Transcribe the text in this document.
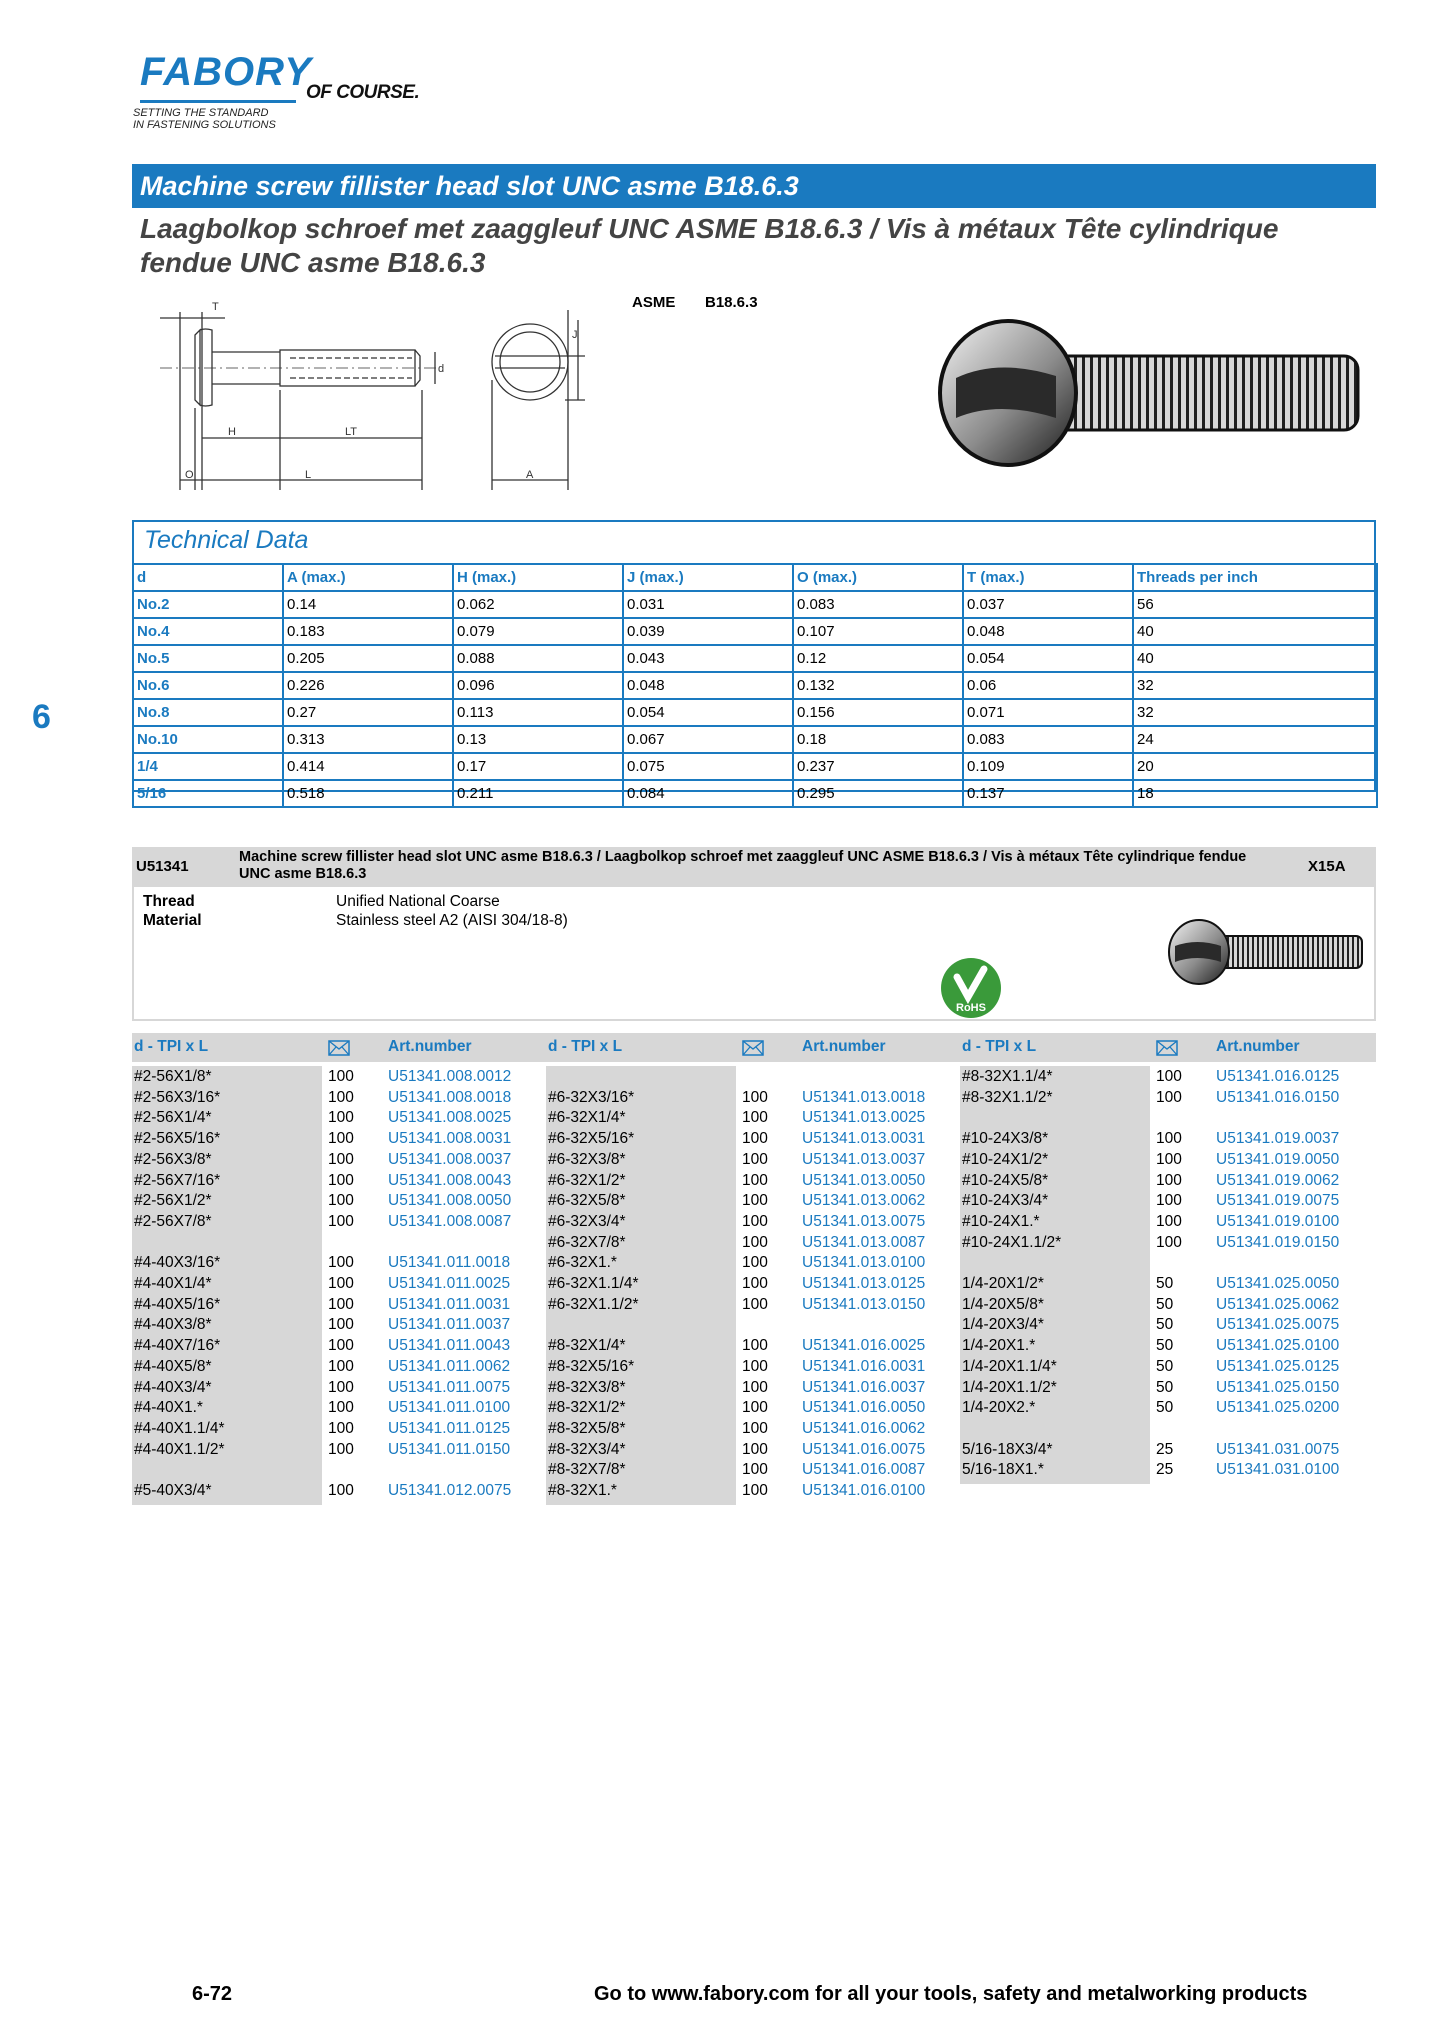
FABORY
OF COURSE.
SETTING THE STANDARD
IN FASTENING SOLUTIONS
Machine screw fillister head slot UNC asme B18.6.3
Laagbolkop schroef met zaaggleuf UNC ASME B18.6.3 / Vis à métaux Tête cylindrique fendue UNC asme B18.6.3
T
J
d
H	LT
O	L	A
ASME B18.6.3
Technical Data
d	A (max.)	H (max.)	J (max.)	O (max.)	T (max.)	Threads per inch
No.2	0.14	0.062	0.031	0.083	0.037	56
No.4	0.183	0.079	0.039	0.107	0.048	40
No.5	0.205	0.088	0.043	0.12	0.054	40
No.6	0.226	0.096	0.048	0.132	0.06	32
No.8	0.27	0.113	0.054	0.156	0.071	32
No.10	0.313	0.13	0.067	0.18	0.083	24
1/4	0.414	0.17	0.075	0.237	0.109	20
5/16	0.518	0.211	0.084	0.295	0.137	18
6
U51341
Machine screw fillister head slot UNC asme B18.6.3 / Laagbolkop schroef met zaaggleuf UNC ASME B18.6.3 / Vis à métaux Tête cylindrique fendue UNC asme B18.6.3	X15A
Thread	Unified National Coarse
Material	Stainless steel A2 (AISI 304/18-8)
RoHS
d - TPI x L	Art.number	d - TPI x L	Art.number	d - TPI x L	Art.number
#2-56X1/8*	100 U51341.008.0012
#2-56X3/16*	100 U51341.008.0018
#2-56X1/4*	100 U51341.008.0025
#2-56X5/16*	100 U51341.008.0031
#2-56X3/8*	100 U51341.008.0037
#2-56X7/16*	100 U51341.008.0043
#2-56X1/2*	100 U51341.008.0050
#2-56X7/8*	100 U51341.008.0087
#4-40X3/16*	100 U51341.011.0018
#4-40X1/4*	100 U51341.011.0025
#4-40X5/16*	100 U51341.011.0031
#4-40X3/8*	100 U51341.011.0037
#4-40X7/16*	100 U51341.011.0043
#4-40X5/8*	100 U51341.011.0062
#4-40X3/4*	100 U51341.011.0075
#4-40X1.*	100 U51341.011.0100
#4-40X1.1/4*	100 U51341.011.0125
#4-40X1.1/2*	100 U51341.011.0150
#5-40X3/4*	100 U51341.012.0075
#6-32X3/16*	100 U51341.013.0018
#6-32X1/4*	100 U51341.013.0025
#6-32X5/16*	100 U51341.013.0031
#6-32X3/8*	100 U51341.013.0037
#6-32X1/2*	100 U51341.013.0050
#6-32X5/8*	100 U51341.013.0062
#6-32X3/4*	100 U51341.013.0075
#6-32X7/8*	100 U51341.013.0087
#6-32X1.*	100 U51341.013.0100
#6-32X1.1/4*	100 U51341.013.0125
#6-32X1.1/2*	100 U51341.013.0150
#8-32X1/4*	100 U51341.016.0025
#8-32X5/16*	100 U51341.016.0031
#8-32X3/8*	100 U51341.016.0037
#8-32X1/2*	100 U51341.016.0050
#8-32X5/8*	100 U51341.016.0062
#8-32X3/4*	100 U51341.016.0075
#8-32X7/8*	100 U51341.016.0087
#8-32X1.*	100 U51341.016.0100
#8-32X1.1/4*	100 U51341.016.0125
#8-32X1.1/2*	100 U51341.016.0150
#10-24X3/8*	100 U51341.019.0037
#10-24X1/2*	100 U51341.019.0050
#10-24X5/8*	100 U51341.019.0062
#10-24X3/4*	100 U51341.019.0075
#10-24X1.*	100 U51341.019.0100
#10-24X1.1/2*	100 U51341.019.0150
1/4-20X1/2*	50	U51341.025.0050
1/4-20X5/8*	50	U51341.025.0062
1/4-20X3/4*	50	U51341.025.0075
1/4-20X1.*	50	U51341.025.0100
1/4-20X1.1/4*	50	U51341.025.0125
1/4-20X1.1/2*	50	U51341.025.0150
1/4-20X2.*	50	U51341.025.0200
5/16-18X3/4*	25	U51341.031.0075
5/16-18X1.*	25	U51341.031.0100
6-72	Go to www.fabory.com for all your tools, safety and metalworking products
